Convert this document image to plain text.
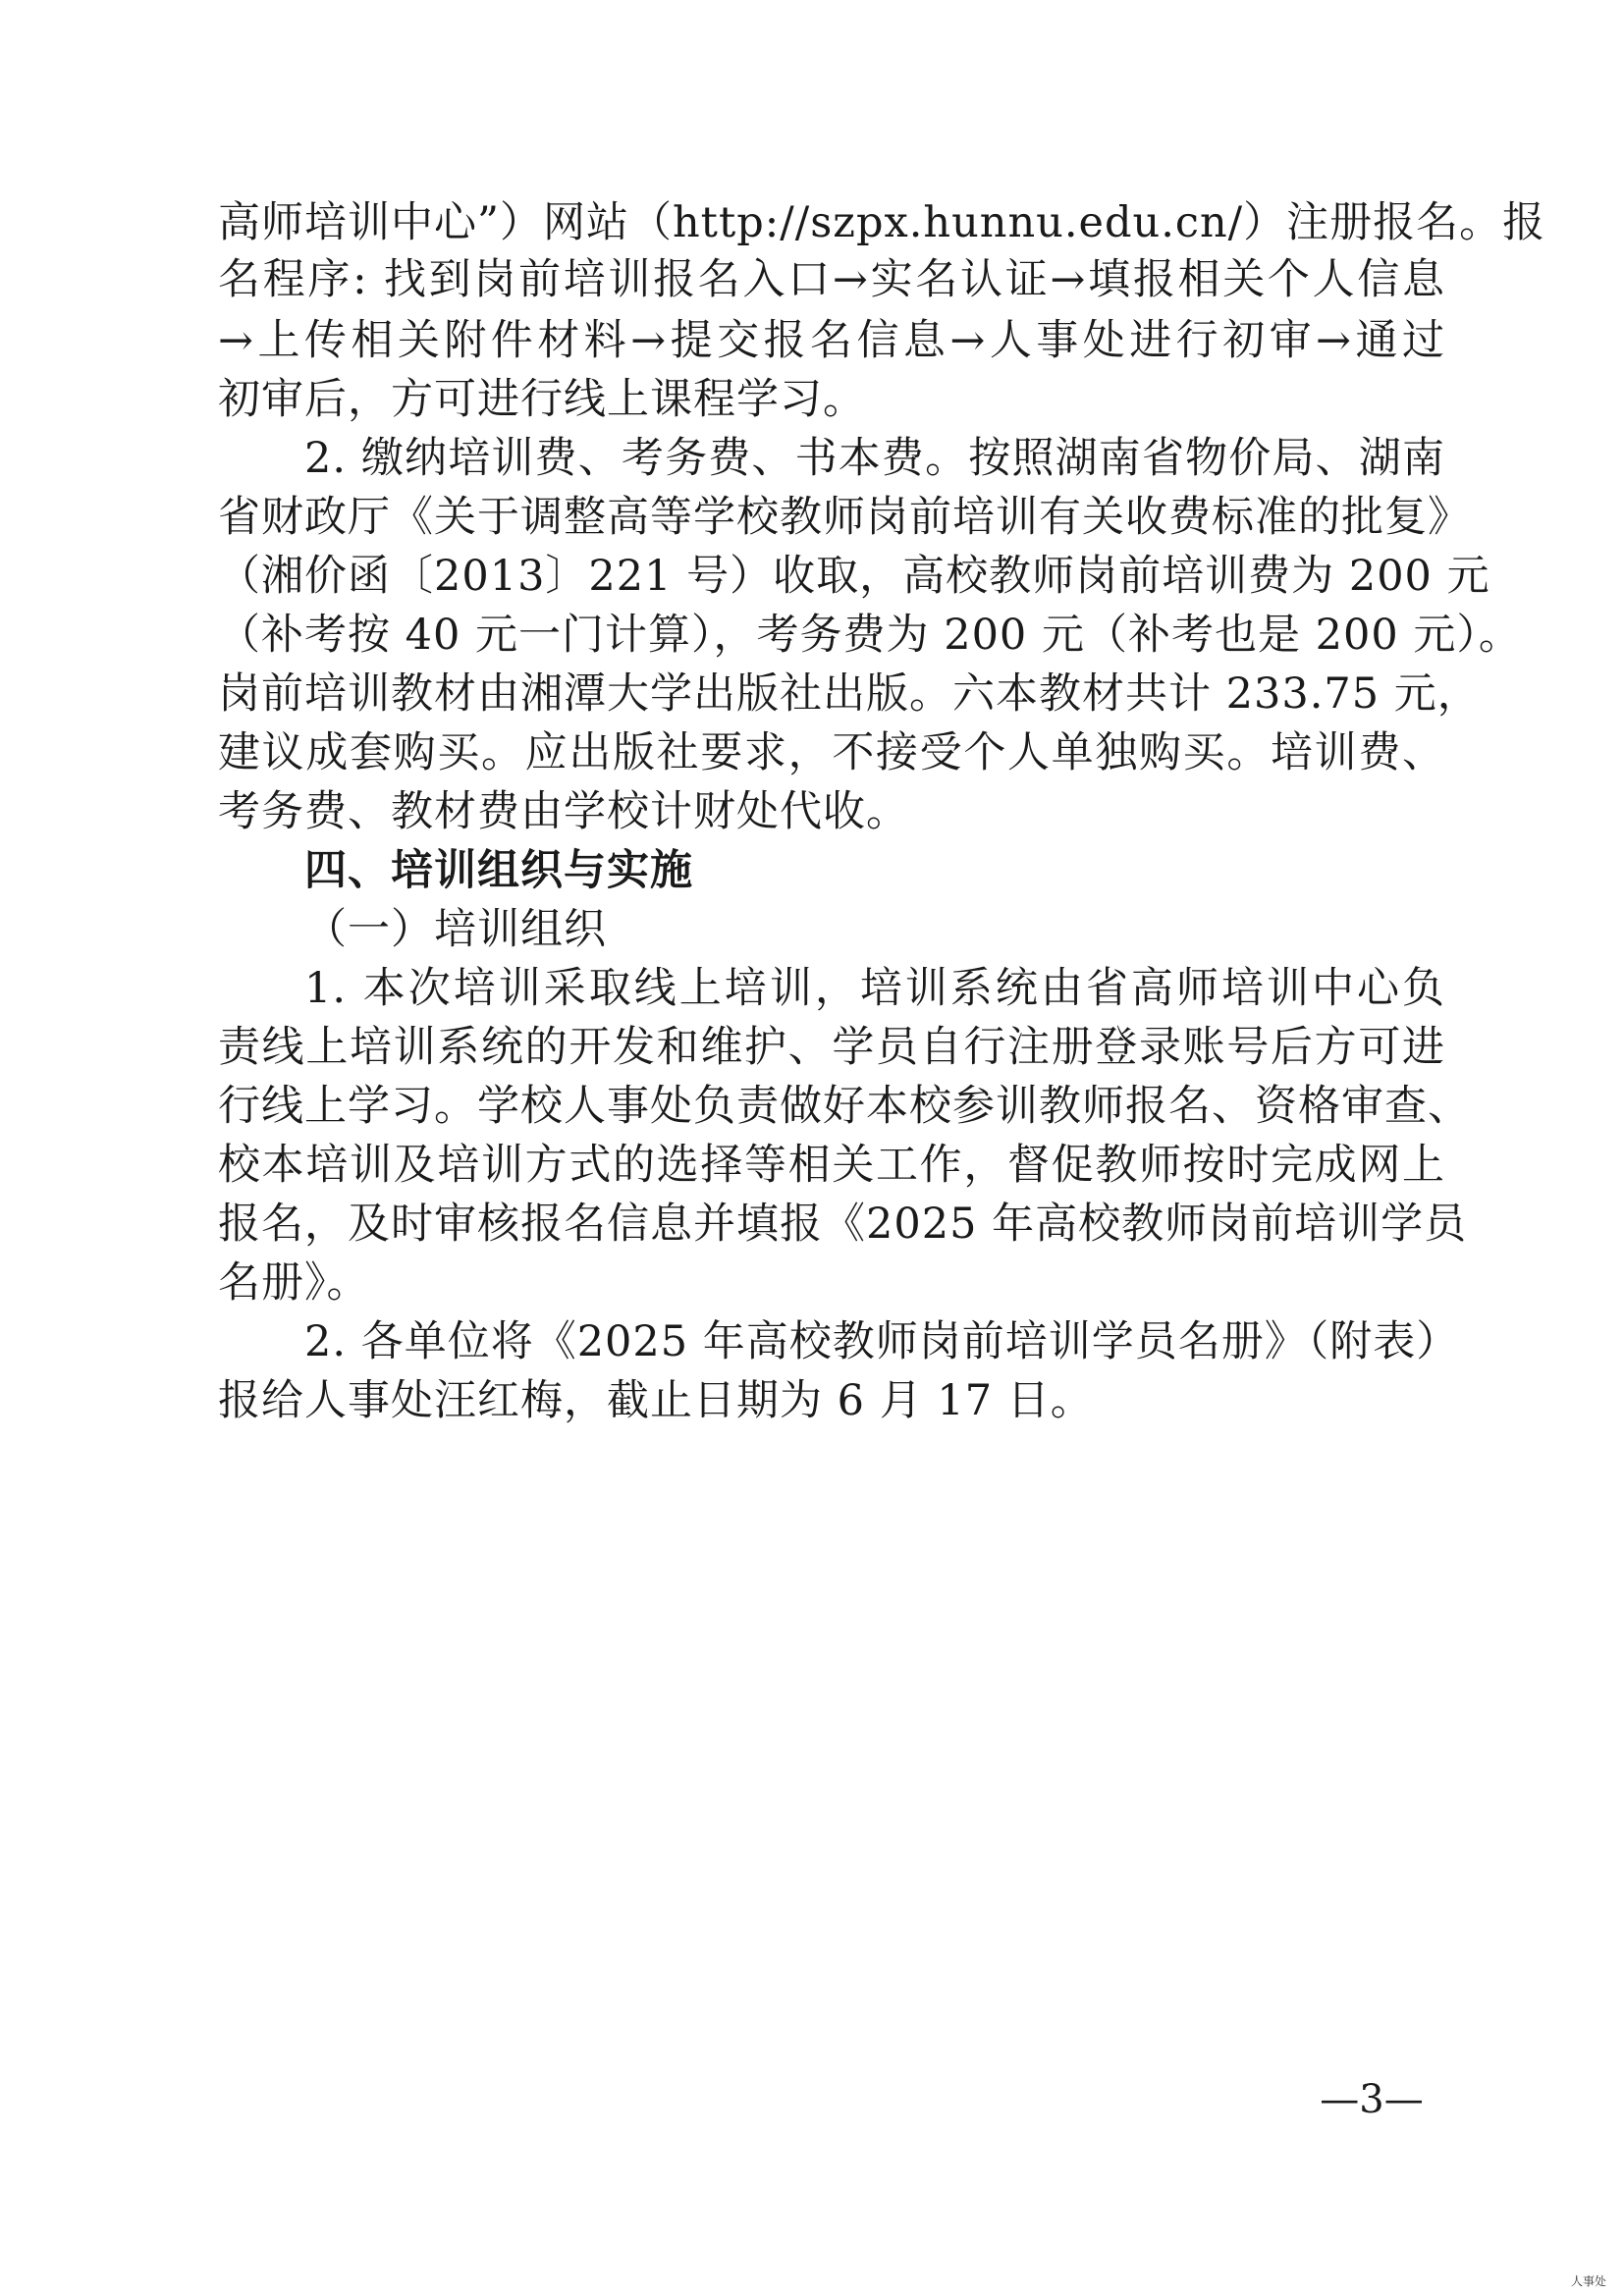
高师培训中心”）网站（http://szpx.hunnu.edu.cn/）注册报名。报
名程序: 找到岗前培训报名入口→实名认证→填报相关个人信息
→上传相关附件材料→提交报名信息→人事处进行初审→通过
初审后，方可进行线上课程学习。
2. 缴纳培训费、考务费、书本费。按照湖南省物价局、湖南
省财政厅《关于调整高等学校教师岗前培训有关收费标准的批复》
（湘价函〔2013〕221 号）收取，高校教师岗前培训费为 200 元
（补考按 40 元一门计算），考务费为 200 元（补考也是 200 元）。
岗前培训教材由湘潭大学出版社出版。六本教材共计 233.75 元，
建议成套购买。应出版社要求，不接受个人单独购买。培训费、
考务费、教材费由学校计财处代收。
四、培训组织与实施
（一）培训组织
1. 本次培训采取线上培训，培训系统由省高师培训中心负
责线上培训系统的开发和维护、学员自行注册登录账号后方可进
行线上学习。学校人事处负责做好本校参训教师报名、资格审查、
校本培训及培训方式的选择等相关工作，督促教师按时完成网上
报名，及时审核报名信息并填报《2025 年高校教师岗前培训学员
名册》。
2. 各单位将《2025 年高校教师岗前培训学员名册》（附表）
报给人事处汪红梅，截止日期为 6 月 17 日。
—3—
人事处
